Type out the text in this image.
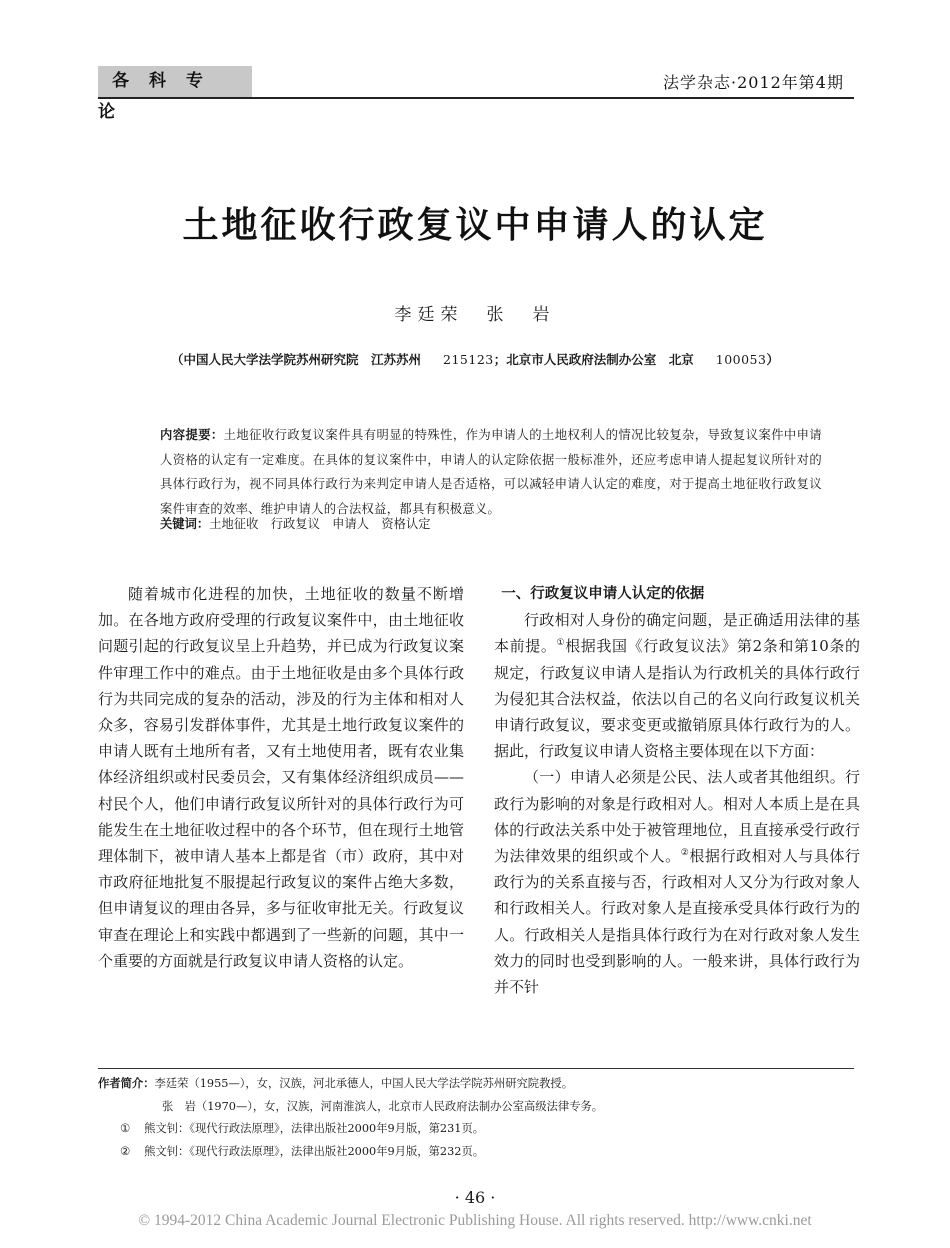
各科专论
法学杂志·2012年第4期
土地征收行政复议中申请人的认定
李廷荣　张　岩
（中国人民大学法学院苏州研究院　江苏苏州 215123；北京市人民政府法制办公室　北京 100053）
内容提要：土地征收行政复议案件具有明显的特殊性，作为申请人的土地权利人的情况比较复杂，导致复议案件中申请人资格的认定有一定难度。在具体的复议案件中，申请人的认定除依据一般标准外，还应考虑申请人提起复议所针对的具体行政行为，视不同具体行政行为来判定申请人是否适格，可以减轻申请人认定的难度，对于提高土地征收行政复议案件审查的效率、维护申请人的合法权益，都具有积极意义。
关键词：土地征收　行政复议　申请人　资格认定

随着城市化进程的加快，土地征收的数量不断增加。在各地方政府受理的行政复议案件中，由土地征收问题引起的行政复议呈上升趋势，并已成为行政复议案件审理工作中的难点。由于土地征收是由多个具体行政行为共同完成的复杂的活动，涉及的行为主体和相对人众多，容易引发群体事件，尤其是土地行政复议案件的申请人既有土地所有者，又有土地使用者，既有农业集体经济组织或村民委员会，又有集体经济组织成员——村民个人，他们申请行政复议所针对的具体行政行为可能发生在土地征收过程中的各个环节，但在现行土地管理体制下，被申请人基本上都是省（市）政府，其中对市政府征地批复不服提起行政复议的案件占绝大多数，但申请复议的理由各异，多与征收审批无关。行政复议审查在理论上和实践中都遇到了一些新的问题，其中一个重要的方面就是行政复议申请人资格的认定。

一、行政复议申请人认定的依据

行政相对人身份的确定问题，是正确适用法律的基本前提。①根据我国《行政复议法》第2条和第10条的规定，行政复议申请人是指认为行政机关的具体行政行为侵犯其合法权益，依法以自己的名义向行政复议机关申请行政复议，要求变更或撤销原具体行政行为的人。据此，行政复议申请人资格主要体现在以下方面：

（一）申请人必须是公民、法人或者其他组织。行政行为影响的对象是行政相对人。相对人本质上是在具体的行政法关系中处于被管理地位，且直接承受行政行为法律效果的组织或个人。②根据行政相对人与具体行政行为的关系直接与否，行政相对人又分为行政对象人和行政相关人。行政对象人是直接承受具体行政行为的人。行政相关人是指具体行政行为在对行政对象人发生效力的同时也受到影响的人。一般来讲，具体行政行为并不针

作者简介：李廷荣（1955—），女，汉族，河北承德人，中国人民大学法学院苏州研究院教授。
张　岩（1970—），女，汉族，河南淮滨人，北京市人民政府法制办公室高级法律专务。
① 熊文钊：《现代行政法原理》，法律出版社2000年9月版，第231页。
② 熊文钊：《现代行政法原理》，法律出版社2000年9月版，第232页。
· 46 ·
© 1994-2012 China Academic Journal Electronic Publishing House. All rights reserved. http://www.cnki.net
